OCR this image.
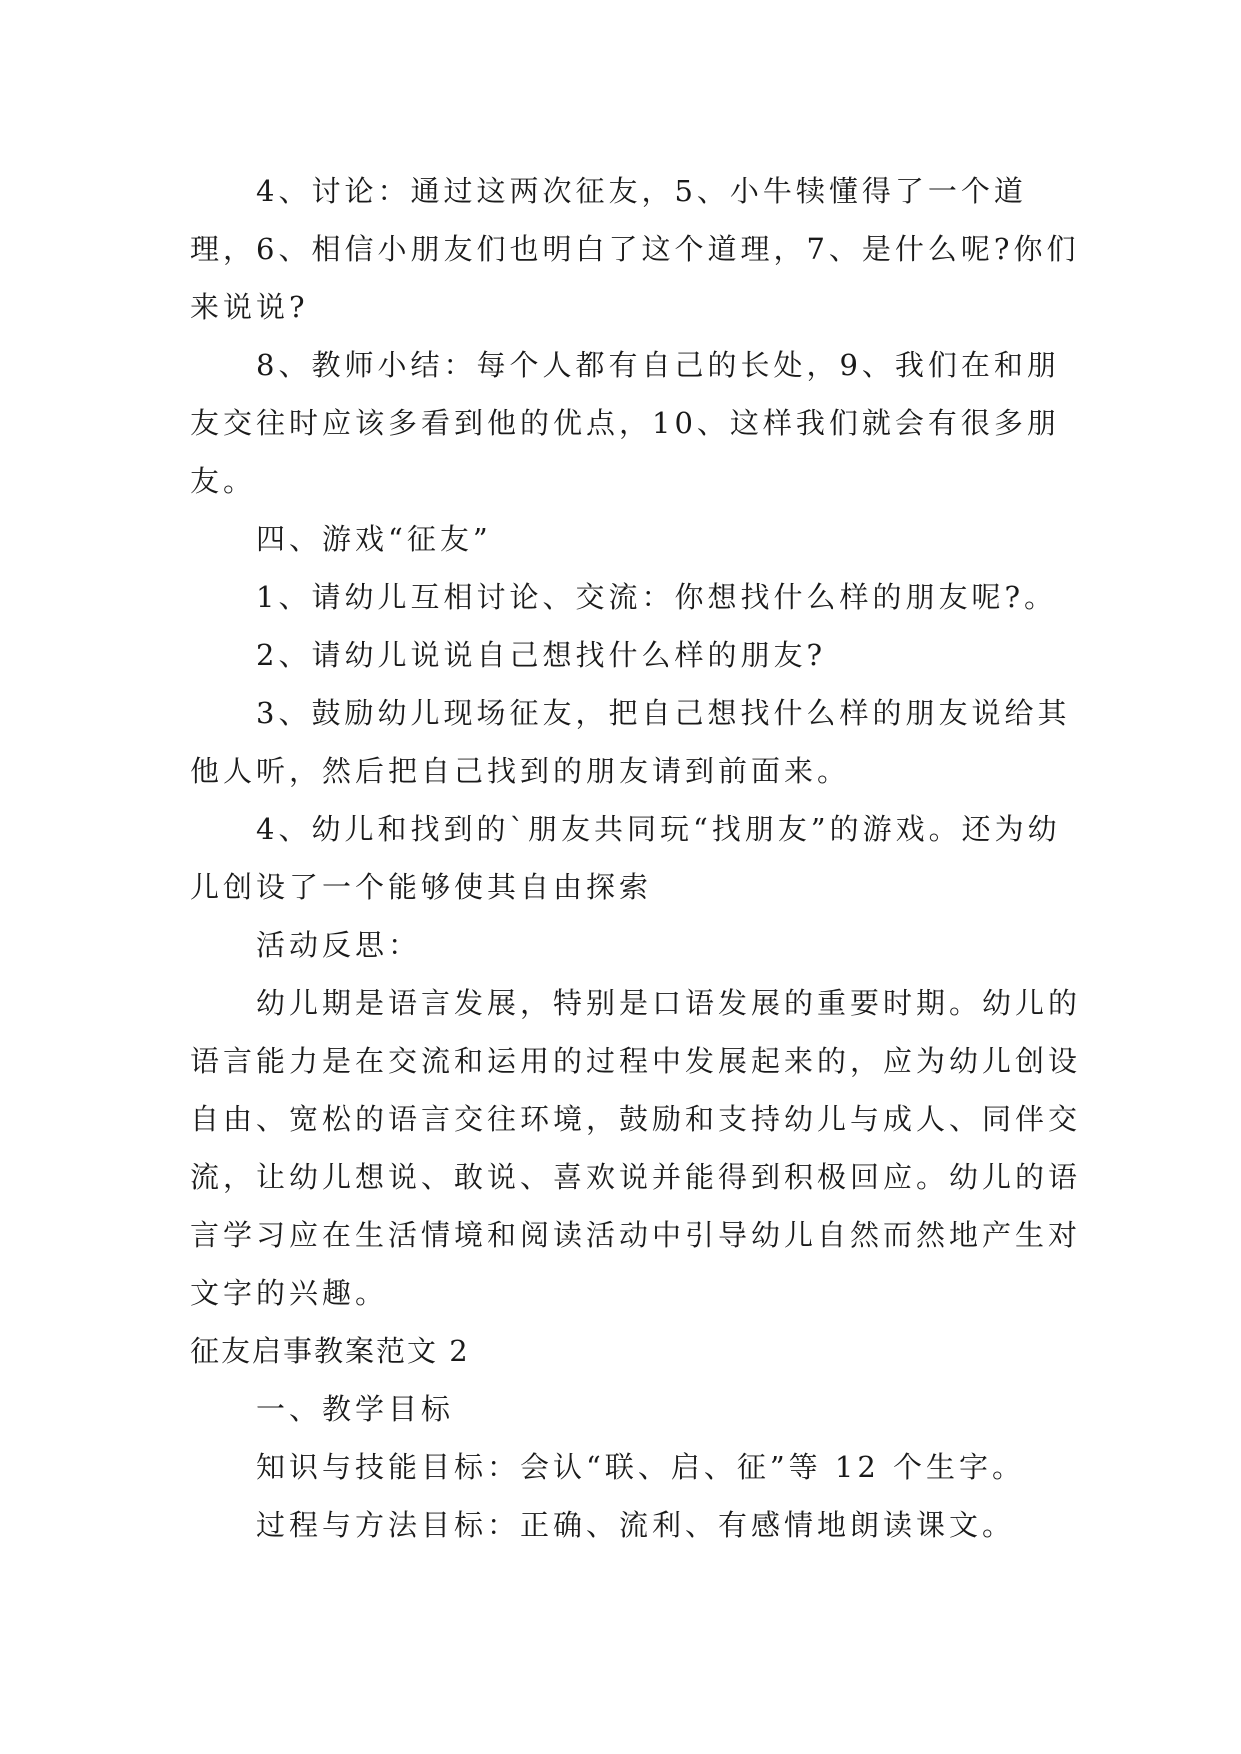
4、讨论：通过这两次征友，5、小牛犊懂得了一个道理，6、相信小朋友们也明白了这个道理，7、是什么呢?你们来说说?

8、教师小结：每个人都有自己的长处，9、我们在和朋友交往时应该多看到他的优点，10、这样我们就会有很多朋友。

四、游戏“征友”

1、请幼儿互相讨论、交流：你想找什么样的朋友呢?。

2、请幼儿说说自己想找什么样的朋友?

3、鼓励幼儿现场征友，把自己想找什么样的朋友说给其他人听，然后把自己找到的朋友请到前面来。

4、幼儿和找到的`朋友共同玩“找朋友”的游戏。还为幼儿创设了一个能够使其自由探索

活动反思：

幼儿期是语言发展，特别是口语发展的重要时期。幼儿的语言能力是在交流和运用的过程中发展起来的，应为幼儿创设自由、宽松的语言交往环境，鼓励和支持幼儿与成人、同伴交流，让幼儿想说、敢说、喜欢说并能得到积极回应。幼儿的语言学习应在生活情境和阅读活动中引导幼儿自然而然地产生对文字的兴趣。

征友启事教案范文 2

一、教学目标

知识与技能目标：会认“联、启、征”等 12 个生字。

过程与方法目标：正确、流利、有感情地朗读课文。
